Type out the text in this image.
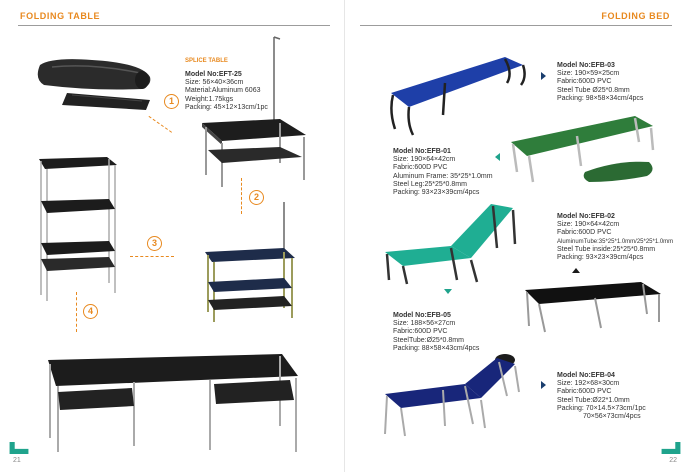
FOLDING TABLE
1
SPLICE TABLE
Model No:EFT-25
Size: 56×40×36cm
Material:Aluminum 6063
Weight:1.75kgs
Packing: 45×12×13cm/1pc
2
3
4
21
FOLDING BED
Model No:EFB-03
Size: 190×59×25cm
Fabric:600D PVC
Steel Tube Ø25*0.8mm
Packing: 98×58×34cm/4pcs
Model No:EFB-01
Size: 190×64×42cm
Fabric:600D PVC
Aluminum Frame: 35*25*1.0mm
Steel Leg:25*25*0.8mm
Packing: 93×23×39cm/4pcs
Model No:EFB-02
Size: 190×64×42cm
Fabric:600D PVC
AluminumTube:35*25*1.0mm/25*25*1.0mm
Steel Tube inside:25*25*0.8mm
Packing: 93×23×39cm/4pcs
Model No:EFB-05
Size: 188×56×27cm
Fabric:600D PVC
SteelTube:Ø25*0.8mm
Packing: 88×58×43cm/4pcs
Model No:EFB-04
Size: 192×68×30cm
Fabric:600D PVC
Steel Tube:Ø22*1.0mm
Packing: 70×14.5×73cm/1pc
70×56×73cm/4pcs
22
